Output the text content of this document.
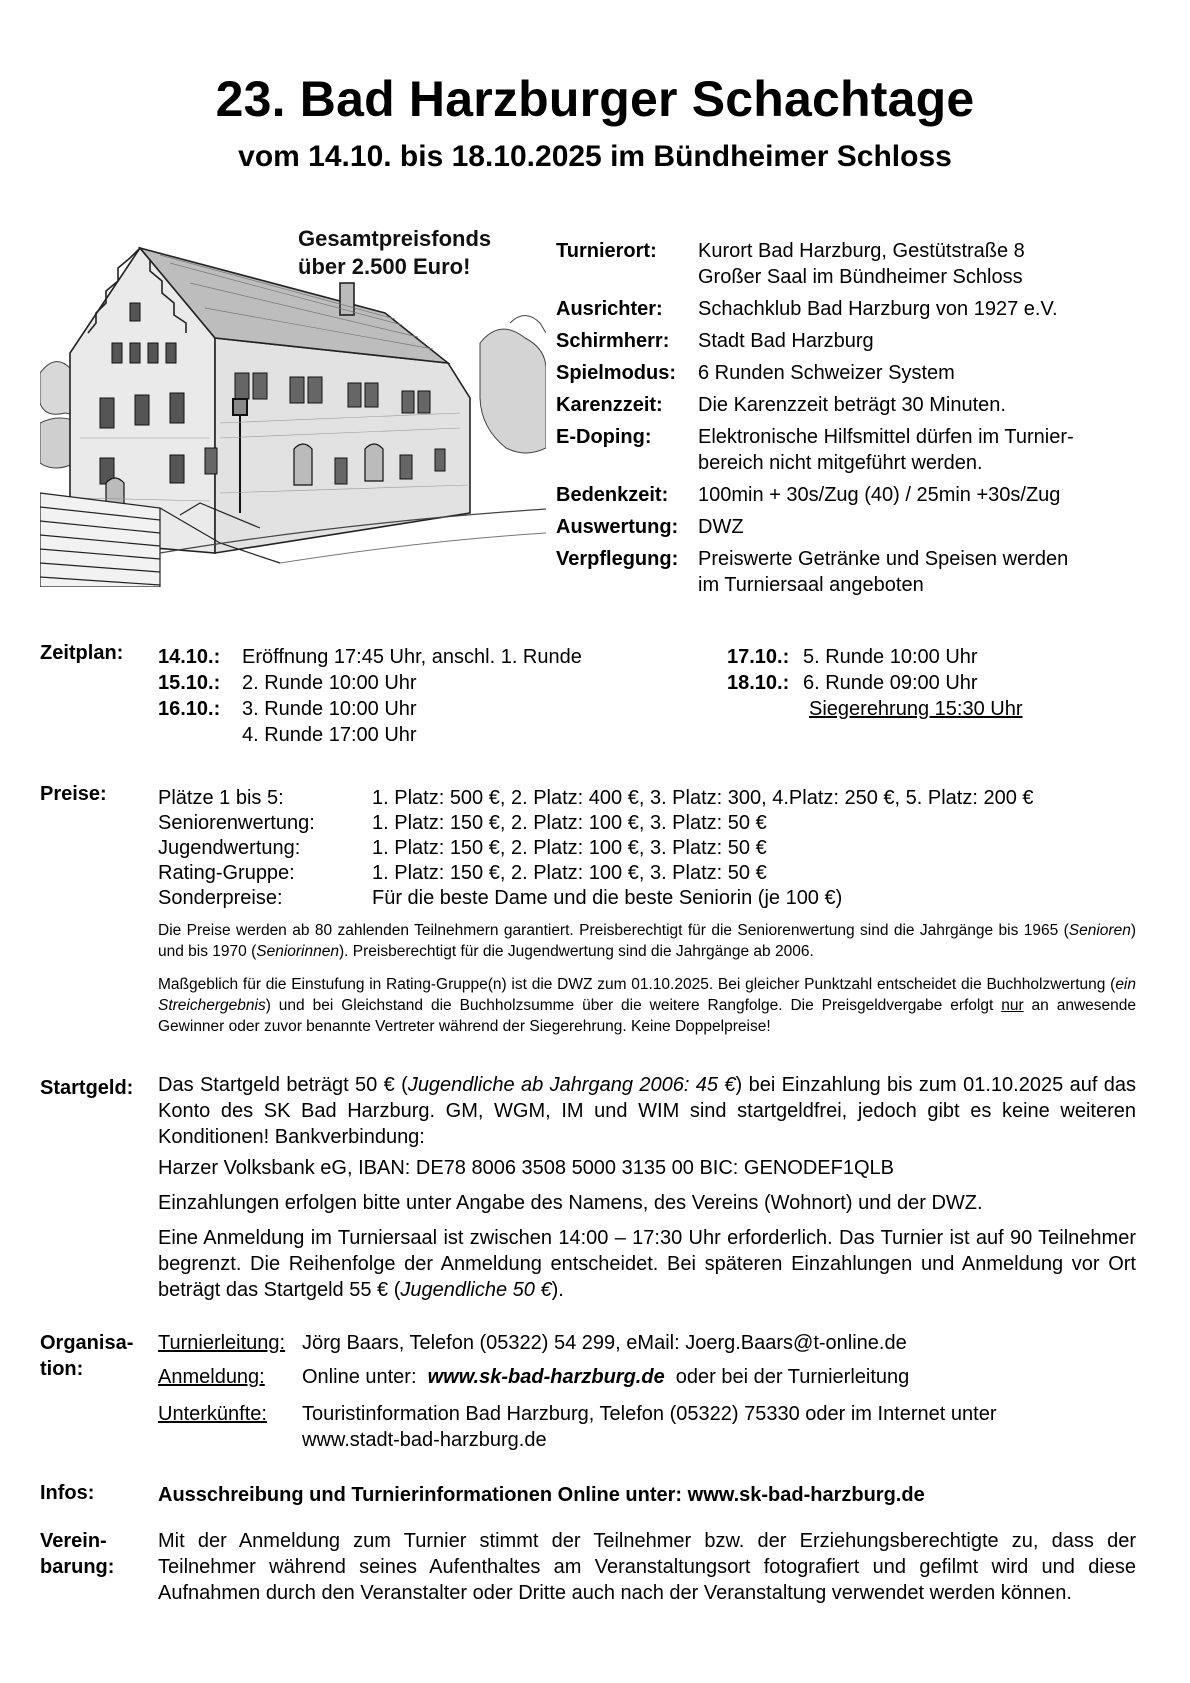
23. Bad Harzburger Schachtage
vom 14.10. bis 18.10.2025 im Bündheimer Schloss
Gesamtpreisfonds
über 2.500 Euro!
Turnierort:	Kurort Bad Harzburg, Gestütstraße 8
Großer Saal im Bündheimer Schloss
Ausrichter:	Schachklub Bad Harzburg von 1927 e.V.
Schirmherr:	Stadt Bad Harzburg
Spielmodus:	6 Runden Schweizer System
Karenzzeit:	Die Karenzzeit beträgt 30 Minuten.
E-Doping:	Elektronische Hilfsmittel dürfen im Turnier-
bereich nicht mitgeführt werden.
Bedenkzeit:	100min + 30s/Zug (40) / 25min +30s/Zug
Auswertung: DWZ
Verpflegung: Preiswerte Getränke und Speisen werden
im Turniersaal angeboten
Zeitplan: 14.10.:	Eröffnung 17:45 Uhr, anschl. 1. Runde
15.10.:	2. Runde 10:00 Uhr
16.10.:	3. Runde 10:00 Uhr
4. Runde 17:00 Uhr
17.10.: 5. Runde 10:00 Uhr
18.10.: 6. Runde 09:00 Uhr
Siegerehrung 15:30 Uhr
Preise:	Plätze 1 bis 5:	1. Platz: 500 €, 2. Platz: 400 €, 3. Platz: 300, 4.Platz: 250 €, 5. Platz: 200 €
Seniorenwertung:	1. Platz: 150 €, 2. Platz: 100 €, 3. Platz: 50 €
Jugendwertung:	1. Platz: 150 €, 2. Platz: 100 €, 3. Platz: 50 €
Rating-Gruppe:	1. Platz: 150 €, 2. Platz: 100 €, 3. Platz: 50 €
Sonderpreise:	Für die beste Dame und die beste Seniorin (je 100 €)
Die Preise werden ab 80 zahlenden Teilnehmern garantiert. Preisberechtigt für die Seniorenwertung sind die Jahrgänge bis 1965 (Senioren) und bis 1970 (Seniorinnen). Preisberechtigt für die Jugendwertung sind die Jahrgänge ab 2006.
Maßgeblich für die Einstufung in Rating-Gruppe(n) ist die DWZ zum 01.10.2025. Bei gleicher Punktzahl entscheidet die Buchholzwertung (ein Streichergebnis) und bei Gleichstand die Buchholzsumme über die weitere Rangfolge. Die Preisgeldvergabe erfolgt nur an anwesende Gewinner oder zuvor benannte Vertreter während der Siegerehrung. Keine Doppelpreise!
Startgeld: Das Startgeld beträgt 50 € (Jugendliche ab Jahrgang 2006: 45 €) bei Einzahlung bis zum 01.10.2025 auf das Konto des SK Bad Harzburg. GM, WGM, IM und WIM sind startgeldfrei, jedoch gibt es keine weiteren Konditionen! Bankverbindung:
Harzer Volksbank eG, IBAN: DE78 8006 3508 5000 3135 00 BIC: GENODEF1QLB
Einzahlungen erfolgen bitte unter Angabe des Namens, des Vereins (Wohnort) und der DWZ.
Eine Anmeldung im Turniersaal ist zwischen 14:00 – 17:30 Uhr erforderlich. Das Turnier ist auf 90 Teilnehmer begrenzt. Die Reihenfolge der Anmeldung entscheidet. Bei späteren Einzahlungen und Anmeldung vor Ort beträgt das Startgeld 55 € (Jugendliche 50 €).
Organisa-
tion:
Turnierleitung: Jörg Baars, Telefon (05322) 54 299, eMail: Joerg.Baars@t-online.de
Anmeldung:	Online unter:  www.sk-bad-harzburg.de  oder bei der Turnierleitung
Unterkünfte:	Touristinformation Bad Harzburg, Telefon (05322) 75330 oder im Internet unter
www.stadt-bad-harzburg.de
Infos:	Ausschreibung und Turnierinformationen Online unter: www.sk-bad-harzburg.de
Verein-
barung:
Mit der Anmeldung zum Turnier stimmt der Teilnehmer bzw. der Erziehungsberechtigte zu, dass der Teilnehmer während seines Aufenthaltes am Veranstaltungsort fotografiert und gefilmt wird und diese Aufnahmen durch den Veranstalter oder Dritte auch nach der Veranstaltung verwendet werden können.
